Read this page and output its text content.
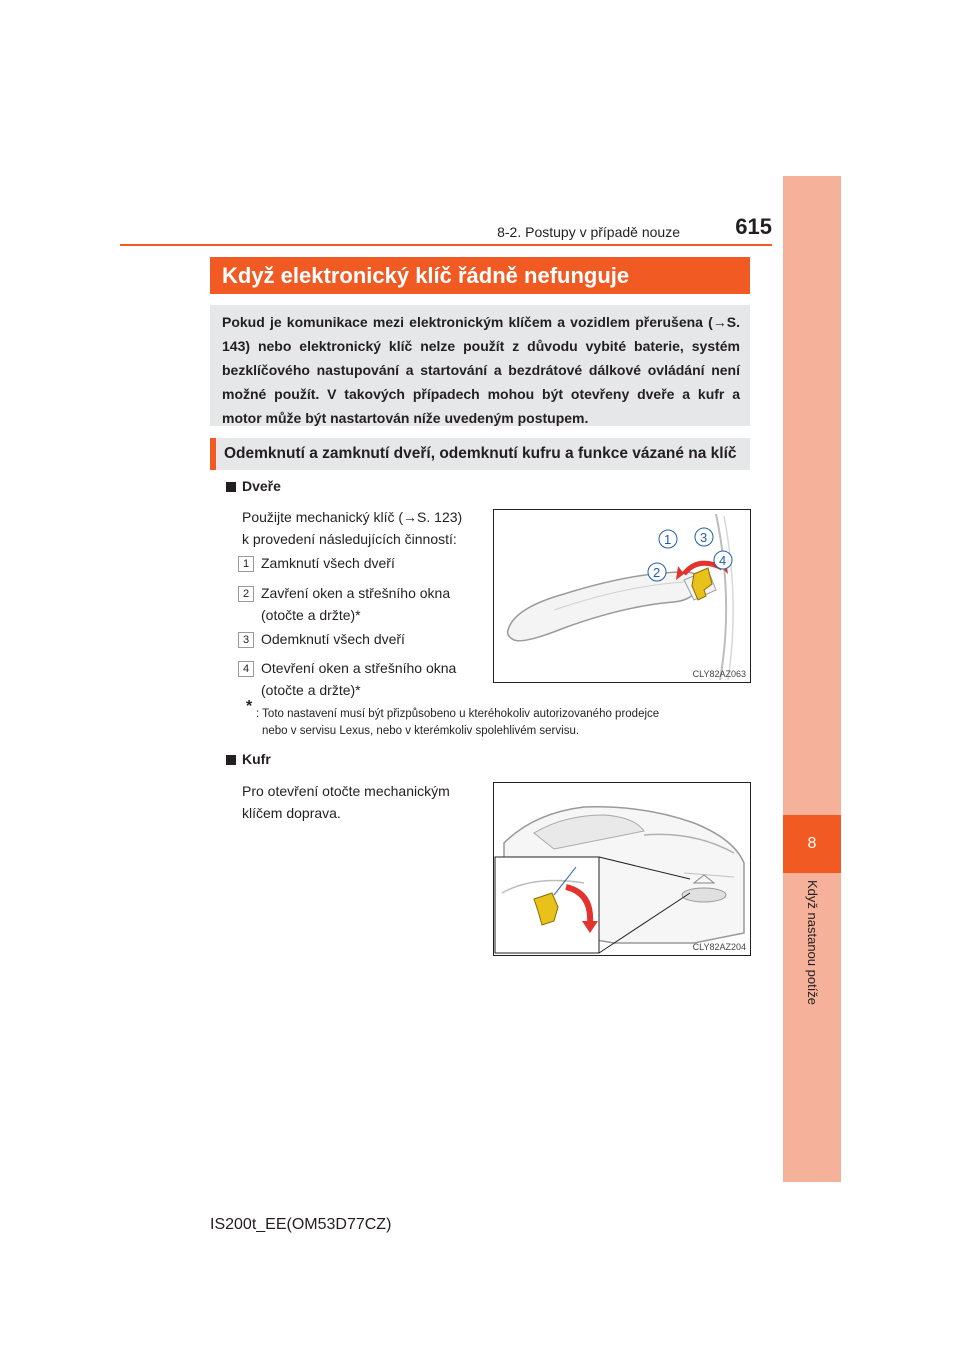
8
Když nastanou potíže
8-2. Postupy v případě nouze	615
Když elektronický klíč řádně nefunguje
Pokud je komunikace mezi elektronickým klíčem a vozidlem přerušena (→S. 143) nebo elektronický klíč nelze použít z důvodu vybité baterie, systém bezklíčového nastupování a startování a bezdrátové dálkové ovládání není možné použít. V takových případech mohou být otevřeny dveře a kufr a motor může být nastartován níže uvedeným postupem.
Odemknutí a zamknutí dveří, odemknutí kufru a funkce vázané na klíč
Dveře
Použijte mechanický klíč (→S. 123)
k provedení následujících činností:
1 Zamknutí všech dveří
2 Zavření oken a střešního okna
(otočte a držte)*
3 Odemknutí všech dveří
4 Otevření oken a střešního okna
(otočte a držte)*
1 3
2
4
CLY82AZ063
* : Toto nastavení musí být přizpůsobeno u kteréhokoliv autorizovaného prodejce
nebo v servisu Lexus, nebo v kterémkoliv spolehlivém servisu.
Kufr
Pro otevření otočte mechanickým
klíčem doprava.
CLY82AZ204
IS200t_EE(OM53D77CZ)
